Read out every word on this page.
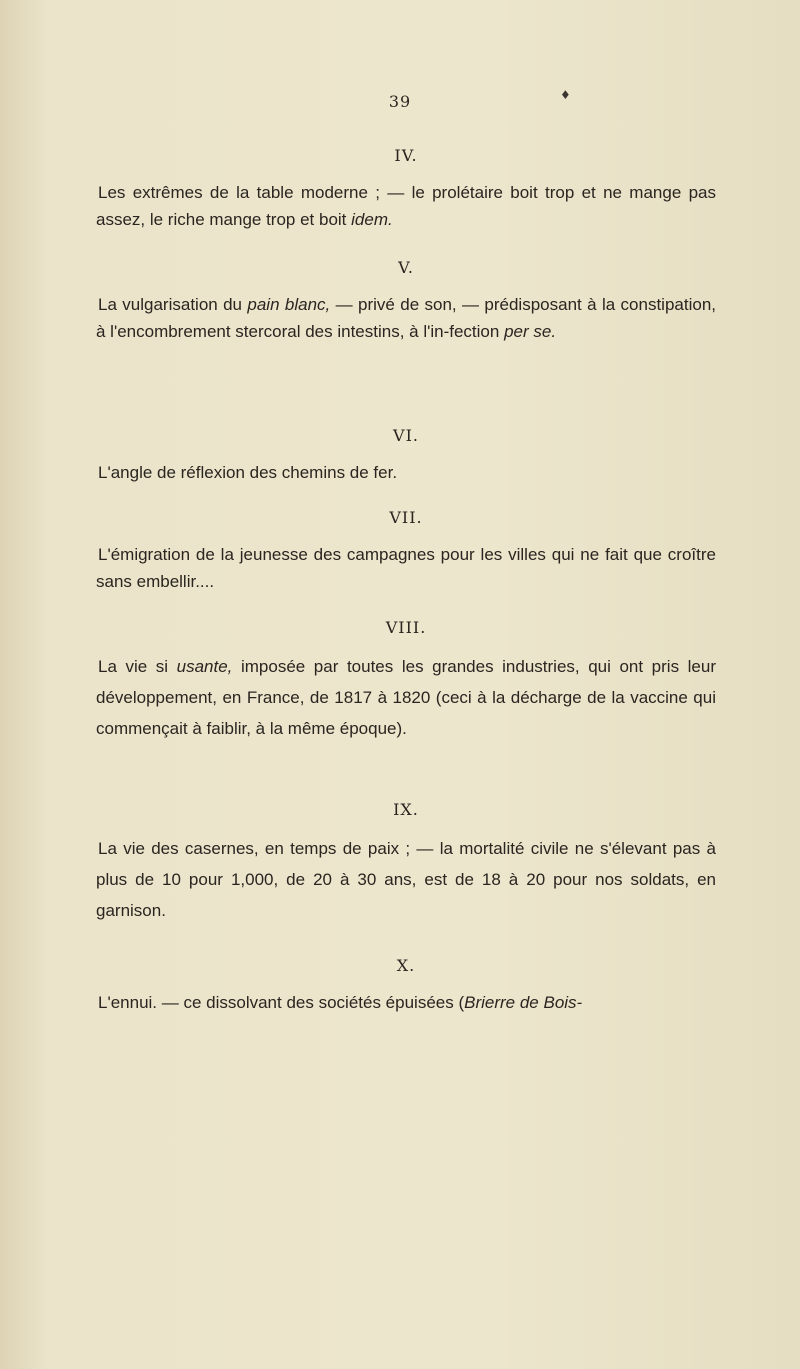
39	♦
IV.

Les extrêmes de la table moderne ; — le prolétaire boit trop et ne mange pas assez, le riche mange trop et boit idem.

V.

La vulgarisation du pain blanc, — privé de son, — prédisposant à la constipation, à l'encombrement stercoral des intestins, à l'in-fection per se.

VI.

L'angle de réflexion des chemins de fer.

VII.

L'émigration de la jeunesse des campagnes pour les villes qui ne fait que croître sans embellir....

VIII.

La vie si usante, imposée par toutes les grandes industries, qui ont pris leur développement, en France, de 1817 à 1820 (ceci à la décharge de la vaccine qui commençait à faiblir, à la même époque).

IX.

La vie des casernes, en temps de paix ; — la mortalité civile ne s'élevant pas à plus de 10 pour 1,000, de 20 à 30 ans, est de 18 à 20 pour nos soldats, en garnison.

X.

L'ennui. — ce dissolvant des sociétés épuisées (Brierre de Bois-
